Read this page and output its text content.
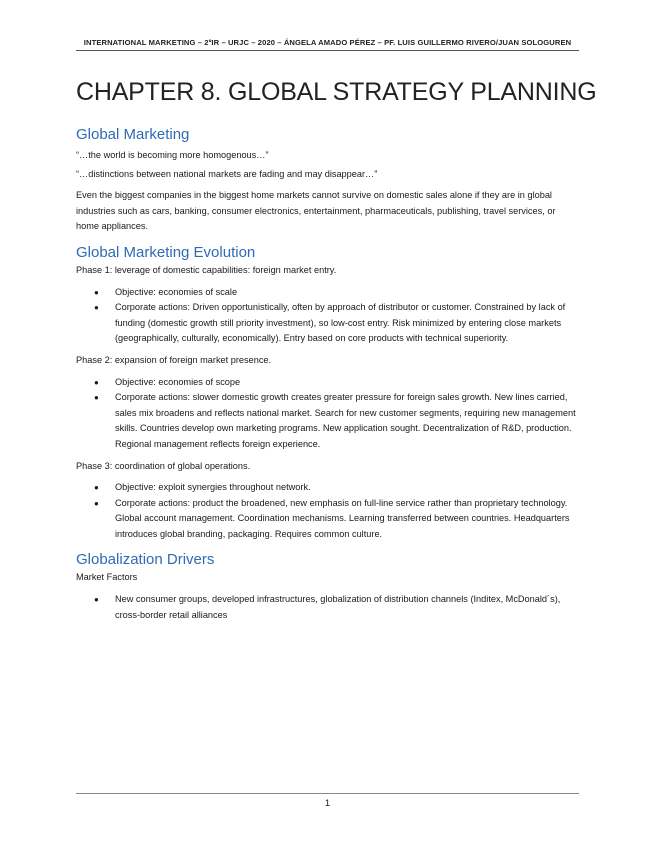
INTERNATIONAL MARKETING – 2ºIR – URJC – 2020 – ÁNGELA AMADO PÉREZ – PF. LUIS GUILLERMO RIVERO/JUAN SOLOGUREN
CHAPTER 8. GLOBAL STRATEGY PLANNING
Global Marketing

“…the world is becoming more homogenous…”

“…distinctions between national markets are fading and may disappear…”

Even the biggest companies in the biggest home markets cannot survive on domestic sales alone if they are in global industries such as cars, banking, consumer electronics, entertainment, pharmaceuticals, publishing, travel services, or home appliances.

Global Marketing Evolution

Phase 1: leverage of domestic capabilities: foreign market entry.

● Objective: economies of scale
● Corporate actions: Driven opportunistically, often by approach of distributor or customer. Constrained by lack of funding (domestic growth still priority investment), so low-cost entry. Risk minimized by entering close markets (geographically, culturally, economically). Entry based on core products with technical superiority.

Phase 2: expansion of foreign market presence.

● Objective: economies of scope
● Corporate actions: slower domestic growth creates greater pressure for foreign sales growth. New lines carried, sales mix broadens and reflects national market. Search for new customer segments, requiring new management skills. Countries develop own marketing programs. New application sought. Decentralization of R&D, production. Regional management reflects foreign experience.

Phase 3: coordination of global operations.

● Objective: exploit synergies throughout network.
● Corporate actions: product the broadened, new emphasis on full-line service rather than proprietary technology. Global account management. Coordination mechanisms. Learning transferred between countries. Headquarters introduces global branding, packaging. Requires common culture.
Globalization Drivers

Market Factors

● New consumer groups, developed infrastructures, globalization of distribution channels (Inditex, McDonald´s), cross-border retail alliances
1
